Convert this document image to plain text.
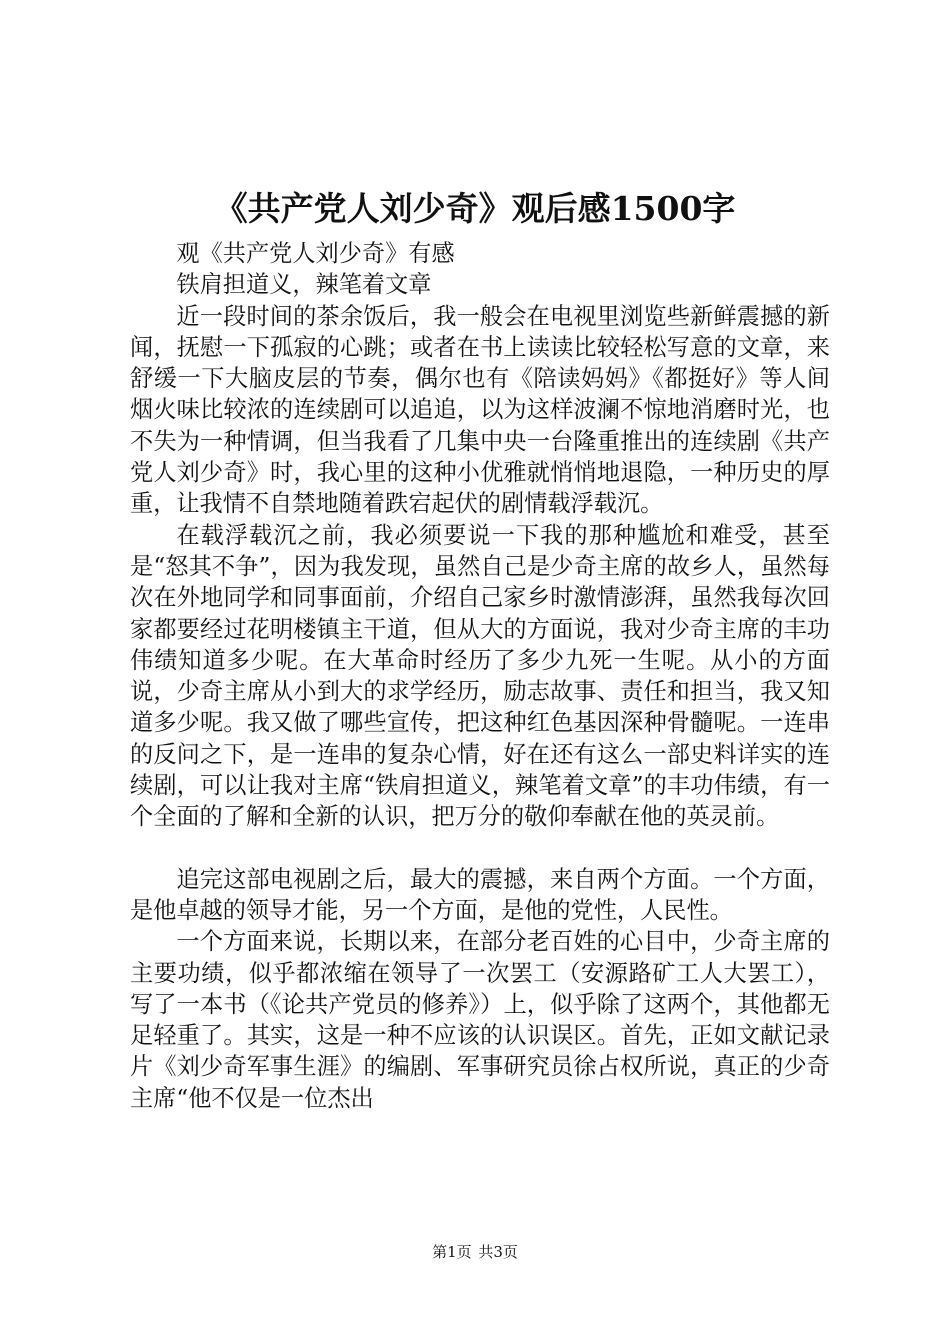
《共产党人刘少奇》观后感1500字

观《共产党人刘少奇》有感

铁肩担道义，辣笔着文章

近一段时间的茶余饭后，我一般会在电视里浏览些新鲜震撼的新闻，抚慰一下孤寂的心跳；或者在书上读读比较轻松写意的文章，来舒缓一下大脑皮层的节奏，偶尔也有《陪读妈妈》《都挺好》等人间烟火味比较浓的连续剧可以追追，以为这样波澜不惊地消磨时光，也不失为一种情调，但当我看了几集中央一台隆重推出的连续剧《共产党人刘少奇》时，我心里的这种小优雅就悄悄地退隐，一种历史的厚重，让我情不自禁地随着跌宕起伏的剧情载浮载沉。

在载浮载沉之前，我必须要说一下我的那种尴尬和难受，甚至是“怒其不争”，因为我发现，虽然自己是少奇主席的故乡人，虽然每次在外地同学和同事面前，介绍自己家乡时激情澎湃，虽然我每次回家都要经过花明楼镇主干道，但从大的方面说，我对少奇主席的丰功伟绩知道多少呢。在大革命时经历了多少九死一生呢。从小的方面说，少奇主席从小到大的求学经历，励志故事、责任和担当，我又知道多少呢。我又做了哪些宣传，把这种红色基因深种骨髓呢。一连串的反问之下，是一连串的复杂心情，好在还有这么一部史料详实的连续剧，可以让我对主席“铁肩担道义，辣笔着文章”的丰功伟绩，有一个全面的了解和全新的认识，把万分的敬仰奉献在他的英灵前。

追完这部电视剧之后，最大的震撼，来自两个方面。一个方面，是他卓越的领导才能，另一个方面，是他的党性，人民性。

一个方面来说，长期以来，在部分老百姓的心目中，少奇主席的主要功绩，似乎都浓缩在领导了一次罢工（安源路矿工人大罢工），写了一本书（《论共产党员的修养》）上，似乎除了这两个，其他都无足轻重了。其实，这是一种不应该的认识误区。首先，正如文献记录片《刘少奇军事生涯》的编剧、军事研究员徐占权所说，真正的少奇主席“他不仅是一位杰出

第1页 共3页
